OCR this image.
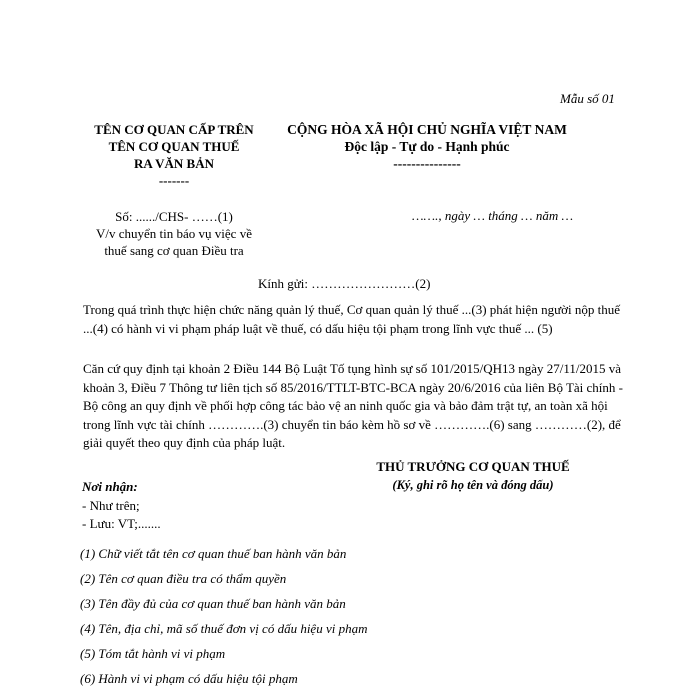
Mẫu số 01
TÊN CƠ QUAN CẤP TRÊN
TÊN CƠ QUAN THUẾ
RA VĂN BẢN
-------
CỘNG HÒA XÃ HỘI CHỦ NGHĨA VIỆT NAM
Độc lập - Tự do - Hạnh phúc
---------------
Số: ....../CHS- ……(1)
V/v chuyển tin báo vụ việc về
thuế sang cơ quan Điều tra
……., ngày … tháng … năm …
Kính gửi: ……………………(2)
Trong quá trình thực hiện chức năng quản lý thuế, Cơ quan quản lý thuế ...(3) phát hiện người nộp thuế ...(4) có hành vi vi phạm pháp luật về thuế, có dấu hiệu tội phạm trong lĩnh vực thuế ... (5)
Căn cứ quy định tại khoản 2 Điều 144 Bộ Luật Tố tụng hình sự số 101/2015/QH13 ngày 27/11/2015 và khoản 3, Điều 7 Thông tư liên tịch số 85/2016/TTLT-BTC-BCA ngày 20/6/2016 của liên Bộ Tài chính - Bộ công an quy định về phối hợp công tác bảo vệ an ninh quốc gia và bảo đảm trật tự, an toàn xã hội trong lĩnh vực tài chính ………….(3) chuyển tin báo kèm hồ sơ về ………….(6) sang …………(2), để giải quyết theo quy định của pháp luật.
THỦ TRƯỞNG CƠ QUAN THUẾ
(Ký, ghi rõ họ tên và đóng dấu)
Nơi nhận:
- Như trên;
- Lưu: VT;.......
(1) Chữ viết tắt tên cơ quan thuế ban hành văn bản
(2) Tên cơ quan điều tra có thẩm quyền
(3) Tên đầy đủ của cơ quan thuế ban hành văn bản
(4) Tên, địa chỉ, mã số thuế đơn vị có dấu hiệu vi phạm
(5) Tóm tắt hành vi vi phạm
(6) Hành vi vi phạm có dấu hiệu tội phạm
